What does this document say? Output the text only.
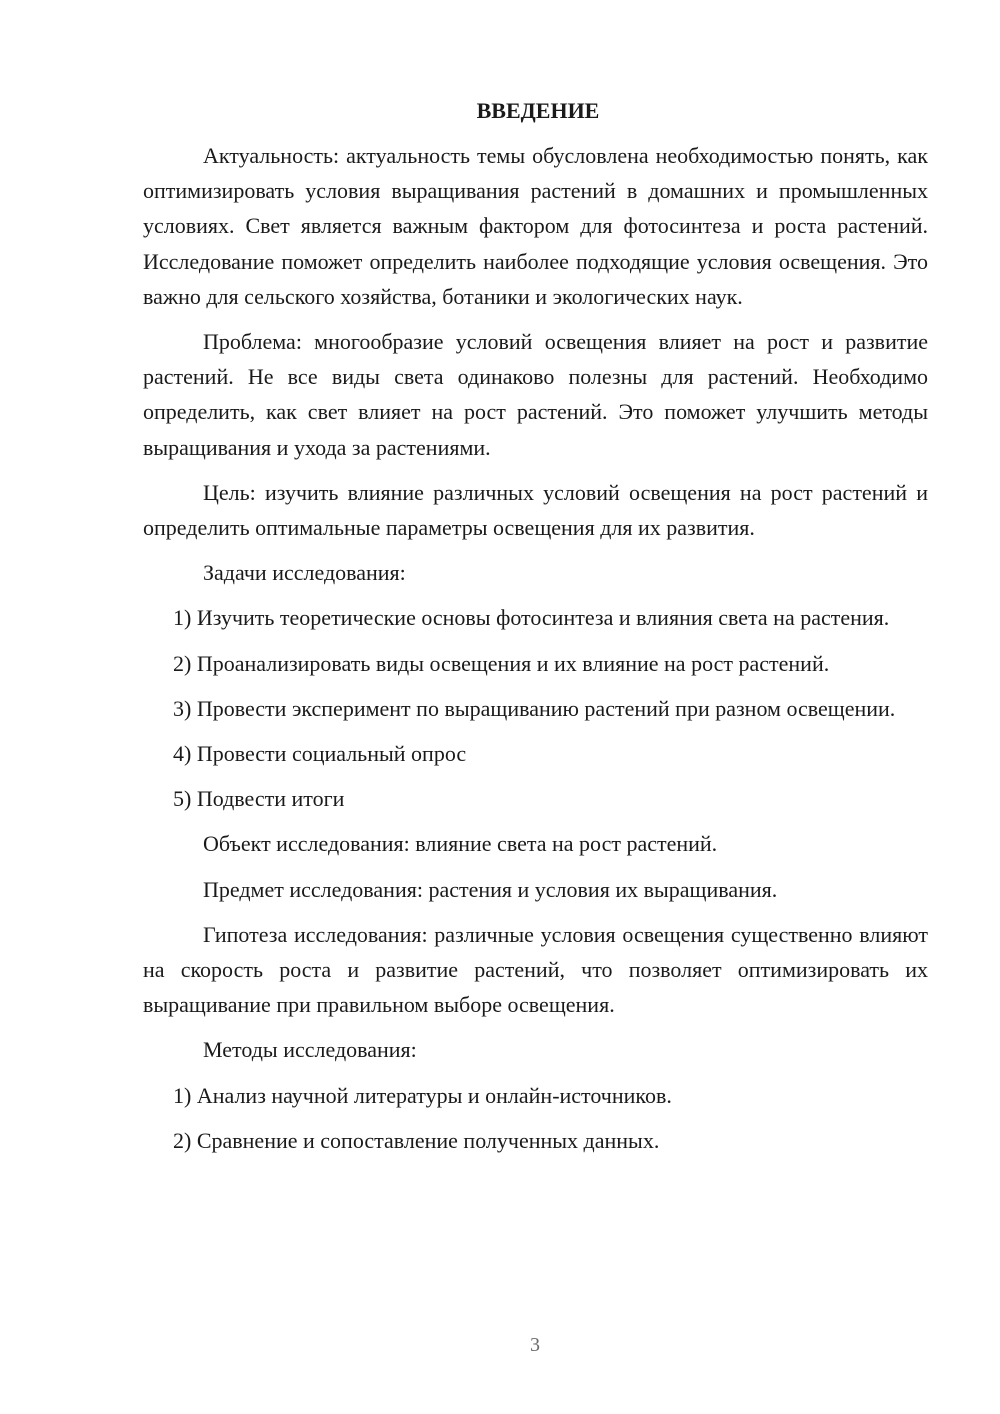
ВВЕДЕНИЕ

Актуальность: актуальность темы обусловлена необходимостью понять, как оптимизировать условия выращивания растений в домашних и промышленных условиях. Свет является важным фактором для фотосинтеза и роста растений. Исследование поможет определить наиболее подходящие условия освещения. Это важно для сельского хозяйства, ботаники и экологических наук.

Проблема: многообразие условий освещения влияет на рост и развитие растений. Не все виды света одинаково полезны для растений. Необходимо определить, как свет влияет на рост растений. Это поможет улучшить методы выращивания и ухода за растениями.

Цель: изучить влияние различных условий освещения на рост растений и определить оптимальные параметры освещения для их развития.

Задачи исследования:

1) Изучить теоретические основы фотосинтеза и влияния света на растения.

2) Проанализировать виды освещения и их влияние на рост растений.

3) Провести эксперимент по выращиванию растений при разном освещении.

4) Провести социальный опрос

5) Подвести итоги

Объект исследования: влияние света на рост растений.

Предмет исследования: растения и условия их выращивания.

Гипотеза исследования: различные условия освещения существенно влияют на скорость роста и развитие растений, что позволяет оптимизировать их выращивание при правильном выборе освещения.

Методы исследования:

1) Анализ научной литературы и онлайн-источников.

2) Сравнение и сопоставление полученных данных.

3
